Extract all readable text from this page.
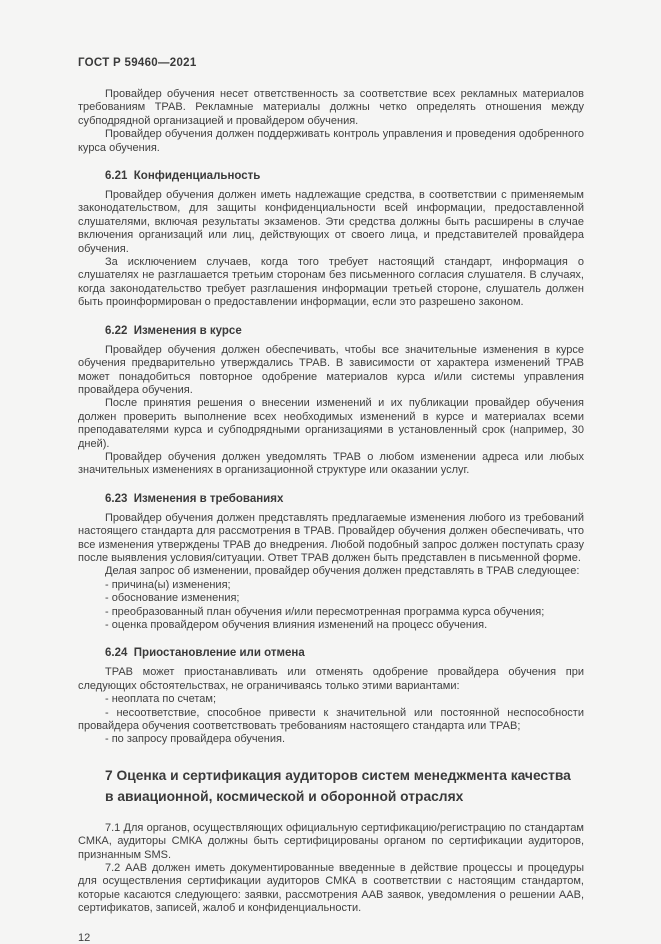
ГОСТ Р 59460—2021

Провайдер обучения несет ответственность за соответствие всех рекламных материалов требованиям ТРАВ. Рекламные материалы должны четко определять отношения между субподрядной организацией и провайдером обучения.

Провайдер обучения должен поддерживать контроль управления и проведения одобренного курса обучения.

6.21  Конфиденциальность

Провайдер обучения должен иметь надлежащие средства, в соответствии с применяемым законодательством, для защиты конфиденциальности всей информации, предоставленной слушателями, включая результаты экзаменов. Эти средства должны быть расширены в случае включения организаций или лиц, действующих от своего лица, и представителей провайдера обучения.

За исключением случаев, когда того требует настоящий стандарт, информация о слушателях не разглашается третьим сторонам без письменного согласия слушателя. В случаях, когда законодательство требует разглашения информации третьей стороне, слушатель должен быть проинформирован о предоставлении информации, если это разрешено законом.

6.22  Изменения в курсе

Провайдер обучения должен обеспечивать, чтобы все значительные изменения в курсе обучения предварительно утверждались ТРАВ. В зависимости от характера изменений ТРАВ может понадобиться повторное одобрение материалов курса и/или системы управления провайдера обучения.

После принятия решения о внесении изменений и их публикации провайдер обучения должен проверить выполнение всех необходимых изменений в курсе и материалах всеми преподавателями курса и субподрядными организациями в установленный срок (например, 30 дней).

Провайдер обучения должен уведомлять ТРАВ о любом изменении адреса или любых значительных изменениях в организационной структуре или оказании услуг.

6.23  Изменения в требованиях

Провайдер обучения должен представлять предлагаемые изменения любого из требований настоящего стандарта для рассмотрения в ТРАВ. Провайдер обучения должен обеспечивать, что все изменения утверждены ТРАВ до внедрения. Любой подобный запрос должен поступать сразу после выявления условия/ситуации. Ответ ТРАВ должен быть представлен в письменной форме.

Делая запрос об изменении, провайдер обучения должен представлять в ТРАВ следующее:

- причина(ы) изменения;

- обоснование изменения;

- преобразованный план обучения и/или пересмотренная программа курса обучения;

- оценка провайдером обучения влияния изменений на процесс обучения.

6.24  Приостановление или отмена

ТРАВ может приостанавливать или отменять одобрение провайдера обучения при следующих обстоятельствах, не ограничиваясь только этими вариантами:

- неоплата по счетам;

- несоответствие, способное привести к значительной или постоянной неспособности провайдера обучения соответствовать требованиям настоящего стандарта или ТРАВ;

- по запросу провайдера обучения.

7 Оценка и сертификация аудиторов систем менеджмента качества
в авиационной, космической и оборонной отраслях

7.1 Для органов, осуществляющих официальную сертификацию/регистрацию по стандартам СМКА, аудиторы СМКА должны быть сертифицированы органом по сертификации аудиторов, признанным SMS.

7.2 ААВ должен иметь документированные введенные в действие процессы и процедуры для осуществления сертификации аудиторов СМКА в соответствии с настоящим стандартом, которые касаются следующего: заявки, рассмотрения ААВ заявок, уведомления о решении ААВ, сертификатов, записей, жалоб и конфиденциальности.

12
